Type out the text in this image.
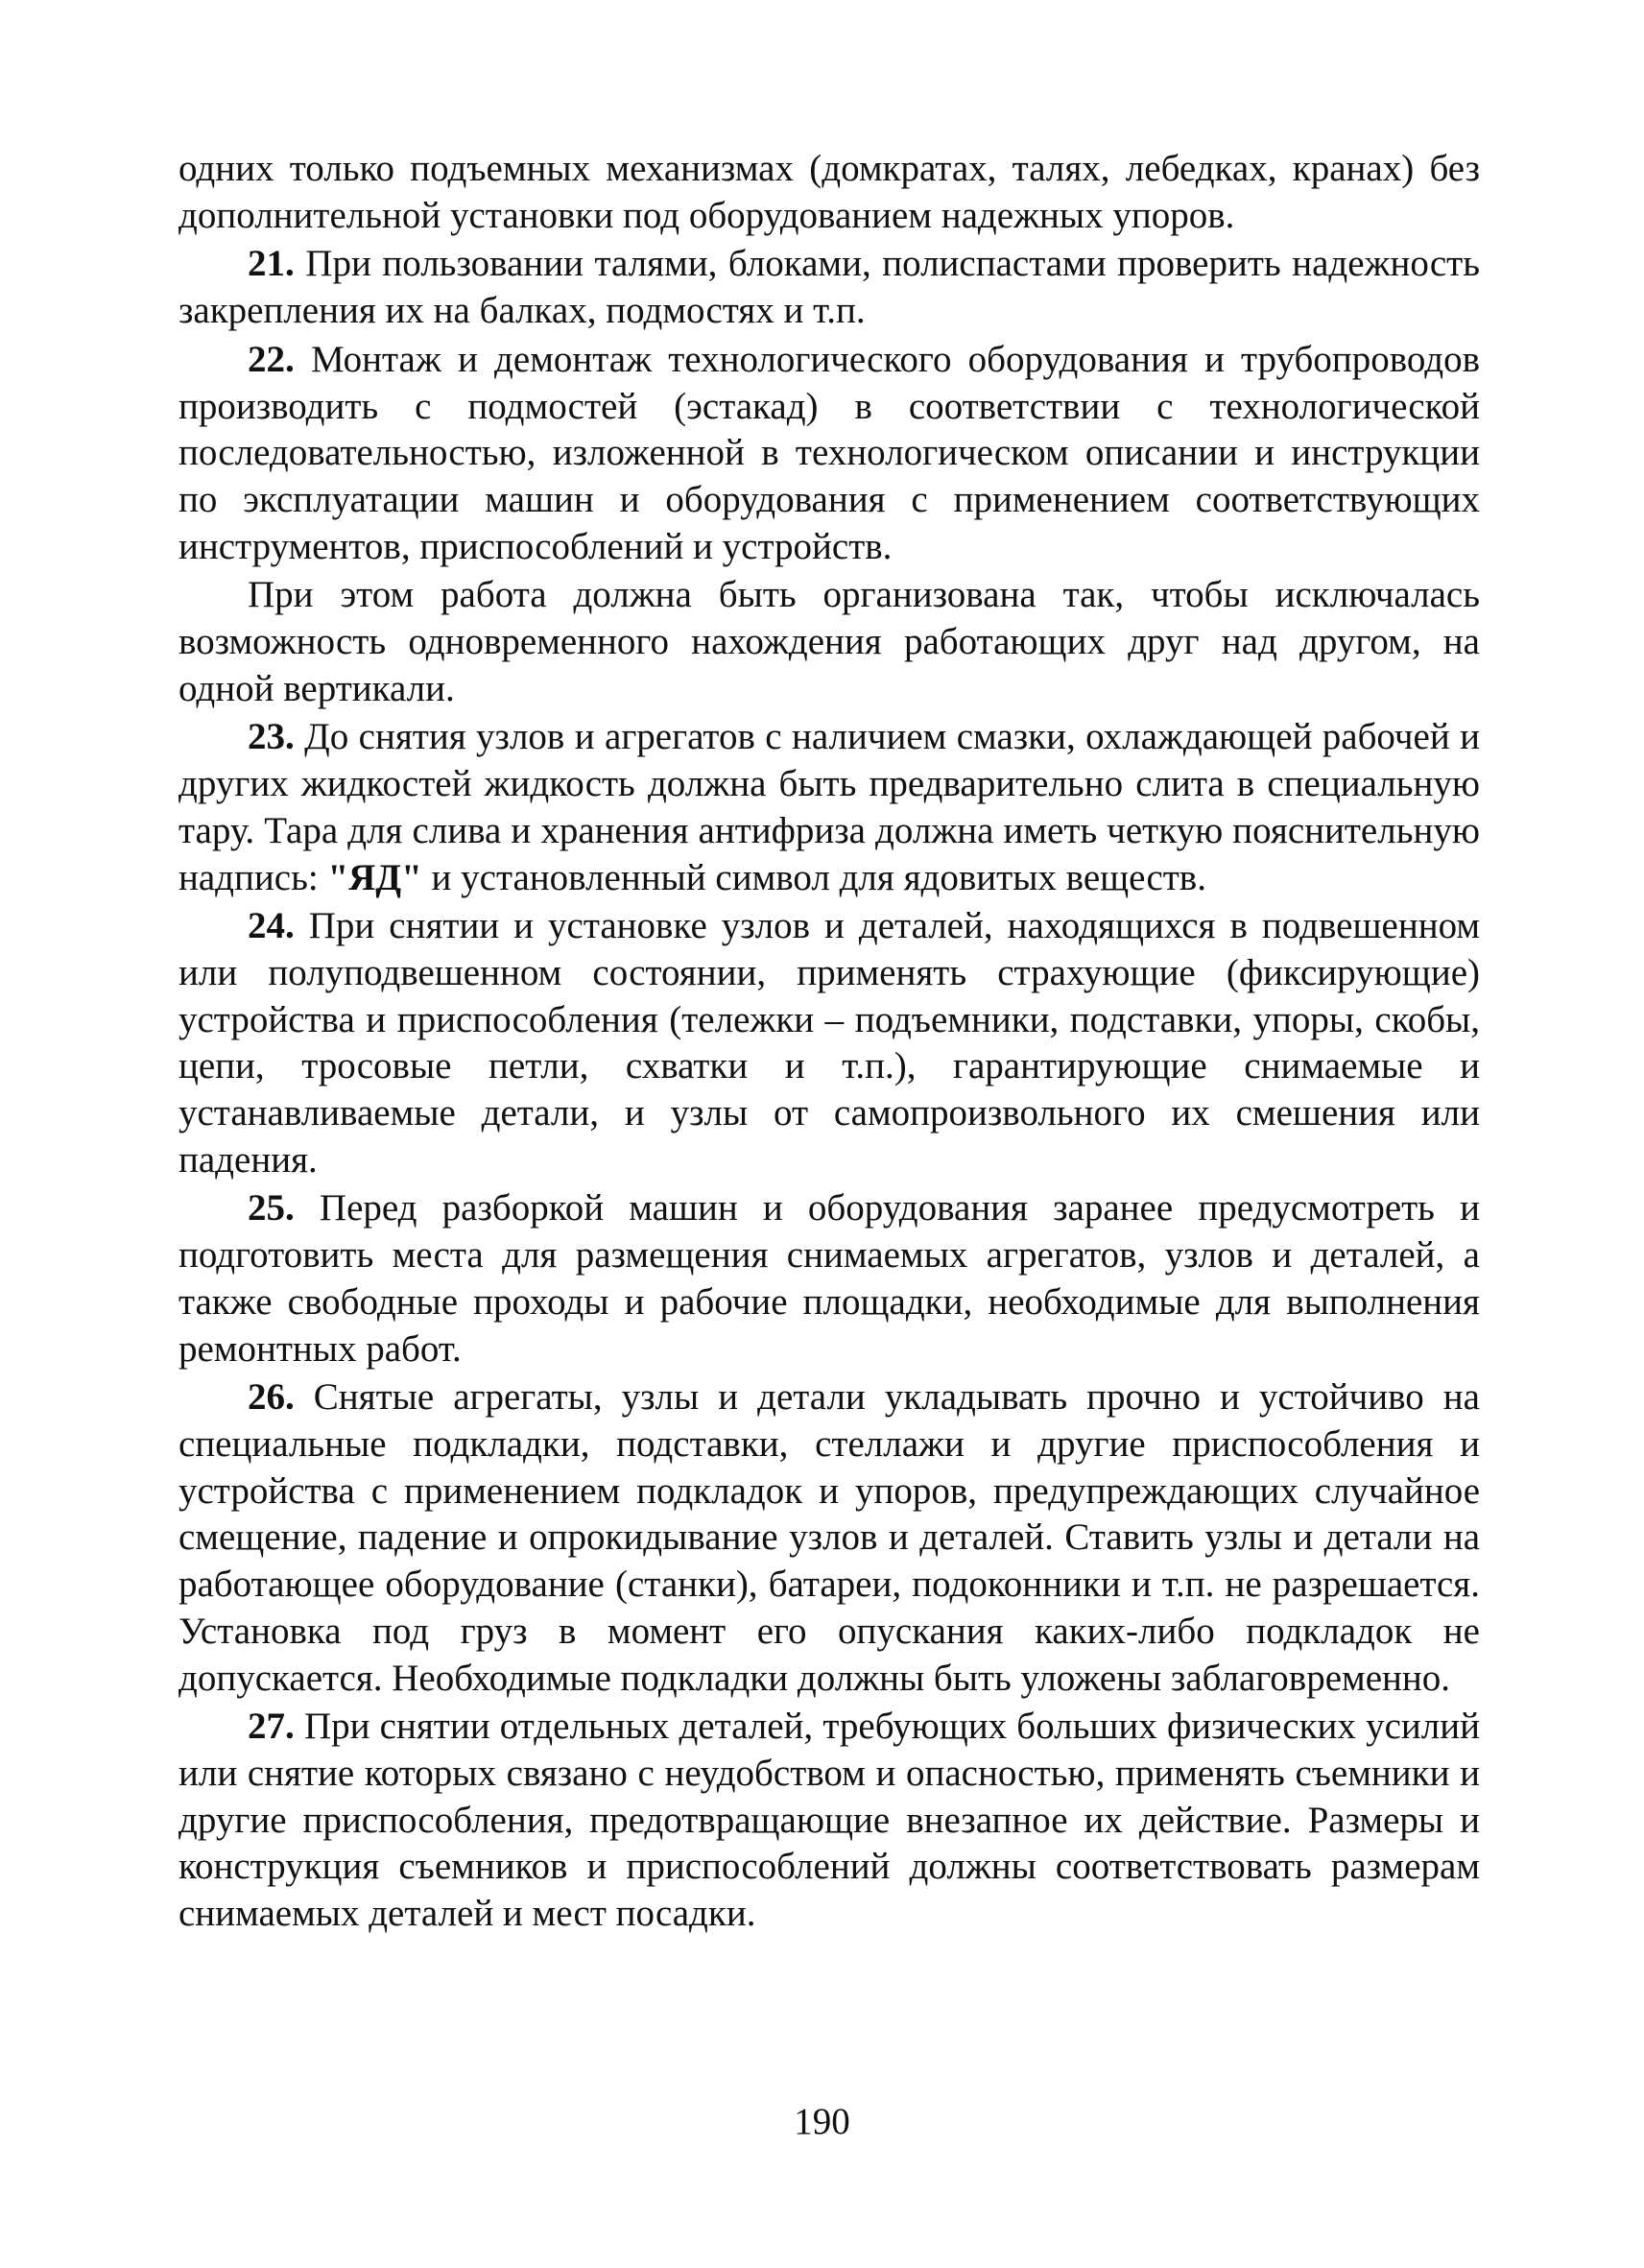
одних только подъемных механизмах (домкратах, талях, лебедках, кранах) без дополнительной установки под оборудованием надежных упоров.

21. При пользовании талями, блоками, полиспастами проверить надежность закрепления их на балках, подмостях и т.п.

22. Монтаж и демонтаж технологического оборудования и трубопроводов производить с подмостей (эстакад) в соответствии с технологической последовательностью, изложенной в технологическом описании и инструкции по эксплуатации машин и оборудования с применением соответствующих инструментов, приспособлений и устройств.

При этом работа должна быть организована так, чтобы исключалась возможность одновременного нахождения работающих друг над другом, на одной вертикали.

23. До снятия узлов и агрегатов с наличием смазки, охлаждающей рабочей и других жидкостей жидкость должна быть предварительно слита в специальную тару. Тара для слива и хранения антифриза должна иметь четкую пояснительную надпись: "ЯД" и установленный символ для ядовитых веществ.

24. При снятии и установке узлов и деталей, находящихся в подвешенном или полуподвешенном состоянии, применять страхующие (фиксирующие) устройства и приспособления (тележки – подъемники, подставки, упоры, скобы, цепи, тросовые петли, схватки и т.п.), гарантирующие снимаемые и устанавливаемые детали, и узлы от самопроизвольного их смешения или падения.

25. Перед разборкой машин и оборудования заранее предусмотреть и подготовить места для размещения снимаемых агрегатов, узлов и деталей, а также свободные проходы и рабочие площадки, необходимые для выполнения ремонтных работ.

26. Снятые агрегаты, узлы и детали укладывать прочно и устойчиво на специальные подкладки, подставки, стеллажи и другие приспособления и устройства с применением подкладок и упоров, предупреждающих случайное смещение, падение и опрокидывание узлов и деталей. Ставить узлы и детали на работающее оборудование (станки), батареи, подоконники и т.п. не разрешается. Установка под груз в момент его опускания каких-либо подкладок не допускается. Необходимые подкладки должны быть уложены заблаговременно.

27. При снятии отдельных деталей, требующих больших физических усилий или снятие которых связано с неудобством и опасностью, применять съемники и другие приспособления, предотвращающие внезапное их действие. Размеры и конструкция съемников и приспособлений должны соответствовать размерам снимаемых деталей и мест посадки.

190
